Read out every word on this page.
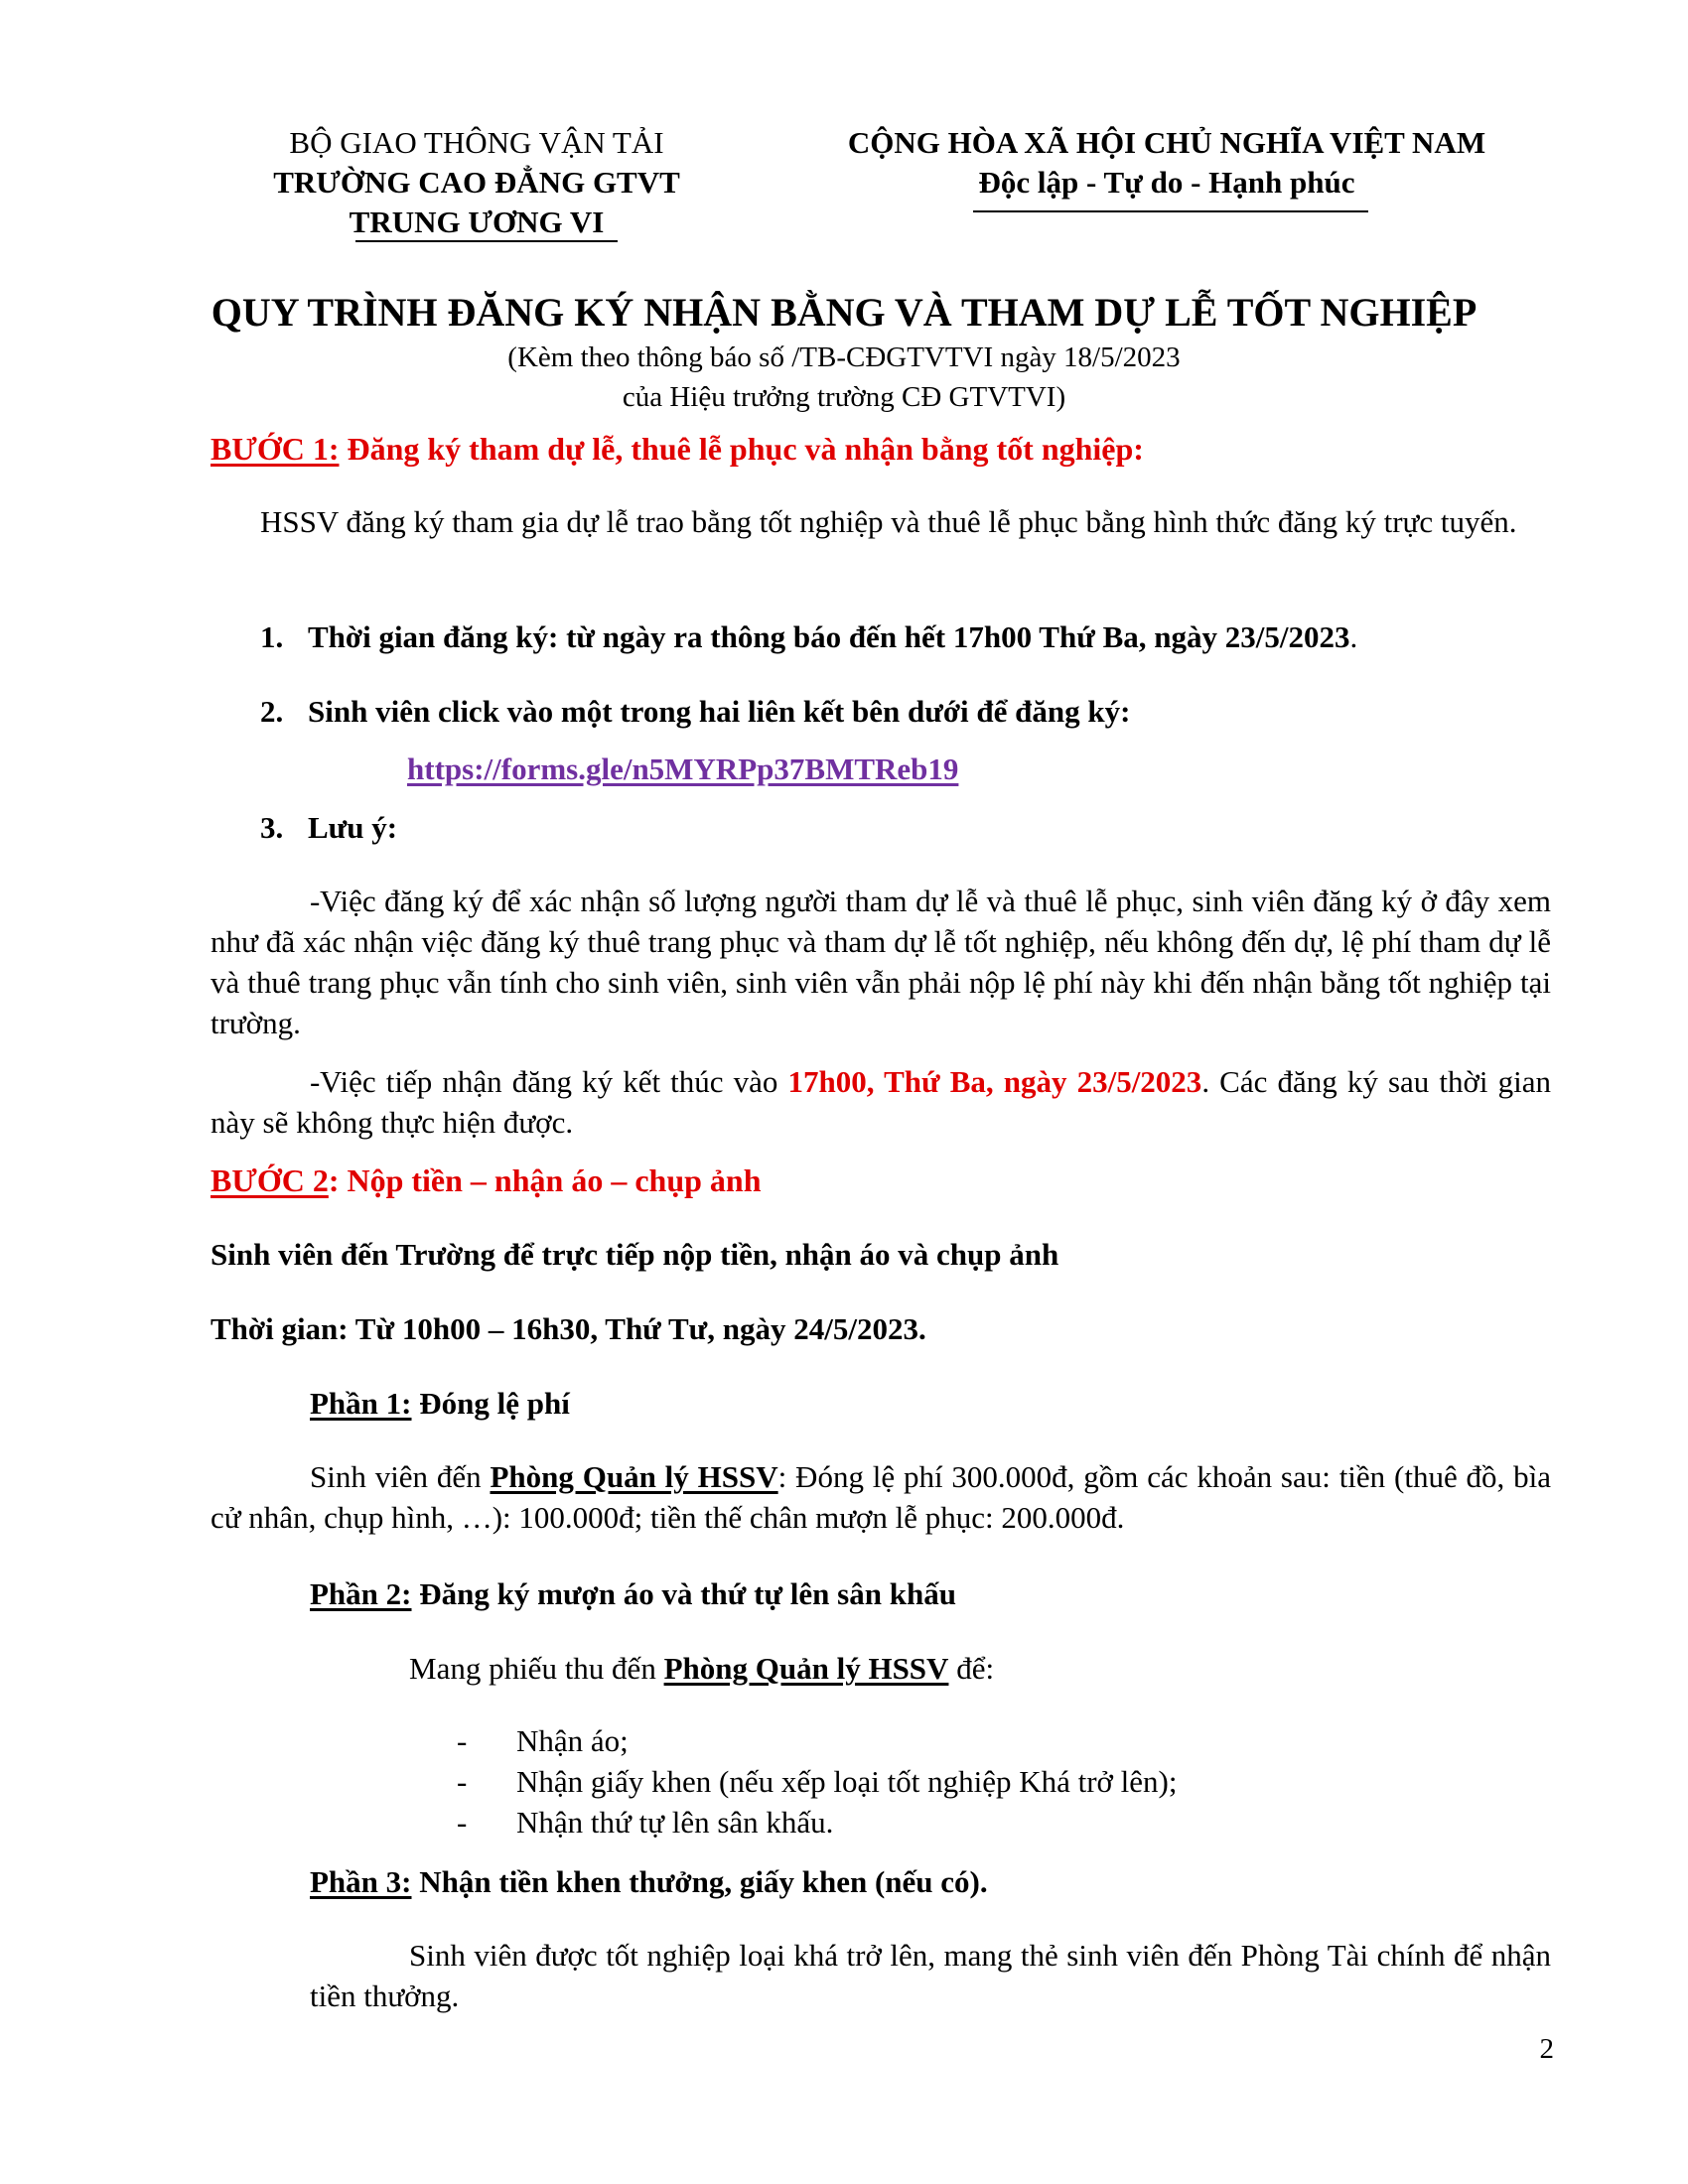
BỘ GIAO THÔNG VẬN TẢI
TRƯỜNG CAO ĐẲNG GTVT
TRUNG ƯƠNG VI
CỘNG HÒA XÃ HỘI CHỦ NGHĨA VIỆT NAM
Độc lập - Tự do - Hạnh phúc
QUY TRÌNH ĐĂNG KÝ NHẬN BẰNG VÀ THAM DỰ LỄ TỐT NGHIỆP
(Kèm theo thông báo số /TB-CĐGTVTVI ngày 18/5/2023
của Hiệu trưởng trường CĐ GTVTVI)
BƯỚC 1: Đăng ký tham dự lễ, thuê lễ phục và nhận bằng tốt nghiệp:
HSSV đăng ký tham gia dự lễ trao bằng tốt nghiệp và thuê lễ phục bằng hình thức đăng ký trực tuyến.
1. Thời gian đăng ký: từ ngày ra thông báo đến hết 17h00 Thứ Ba, ngày 23/5/2023.
2. Sinh viên click vào một trong hai liên kết bên dưới để đăng ký:
https://forms.gle/n5MYRPp37BMTReb19
3. Lưu ý:
-Việc đăng ký để xác nhận số lượng người tham dự lễ và thuê lễ phục, sinh viên đăng ký ở đây xem như đã xác nhận việc đăng ký thuê trang phục và tham dự lễ tốt nghiệp, nếu không đến dự, lệ phí tham dự lễ và thuê trang phục vẫn tính cho sinh viên, sinh viên vẫn phải nộp lệ phí này khi đến nhận bằng tốt nghiệp tại trường.
-Việc tiếp nhận đăng ký kết thúc vào 17h00, Thứ Ba, ngày 23/5/2023. Các đăng ký sau thời gian này sẽ không thực hiện được.
BƯỚC 2: Nộp tiền – nhận áo – chụp ảnh
Sinh viên đến Trường để trực tiếp nộp tiền, nhận áo và chụp ảnh
Thời gian: Từ 10h00 – 16h30, Thứ Tư, ngày 24/5/2023.
Phần 1: Đóng lệ phí
Sinh viên đến Phòng Quản lý HSSV: Đóng lệ phí 300.000đ, gồm các khoản sau: tiền (thuê đồ, bìa cử nhân, chụp hình, …): 100.000đ; tiền thế chân mượn lễ phục: 200.000đ.
Phần 2: Đăng ký mượn áo và thứ tự lên sân khấu
Mang phiếu thu đến Phòng Quản lý HSSV để:
- Nhận áo;
- Nhận giấy khen (nếu xếp loại tốt nghiệp Khá trở lên);
- Nhận thứ tự lên sân khấu.
Phần 3: Nhận tiền khen thưởng, giấy khen (nếu có).
Sinh viên được tốt nghiệp loại khá trở lên, mang thẻ sinh viên đến Phòng Tài chính để nhận tiền thưởng.
2
